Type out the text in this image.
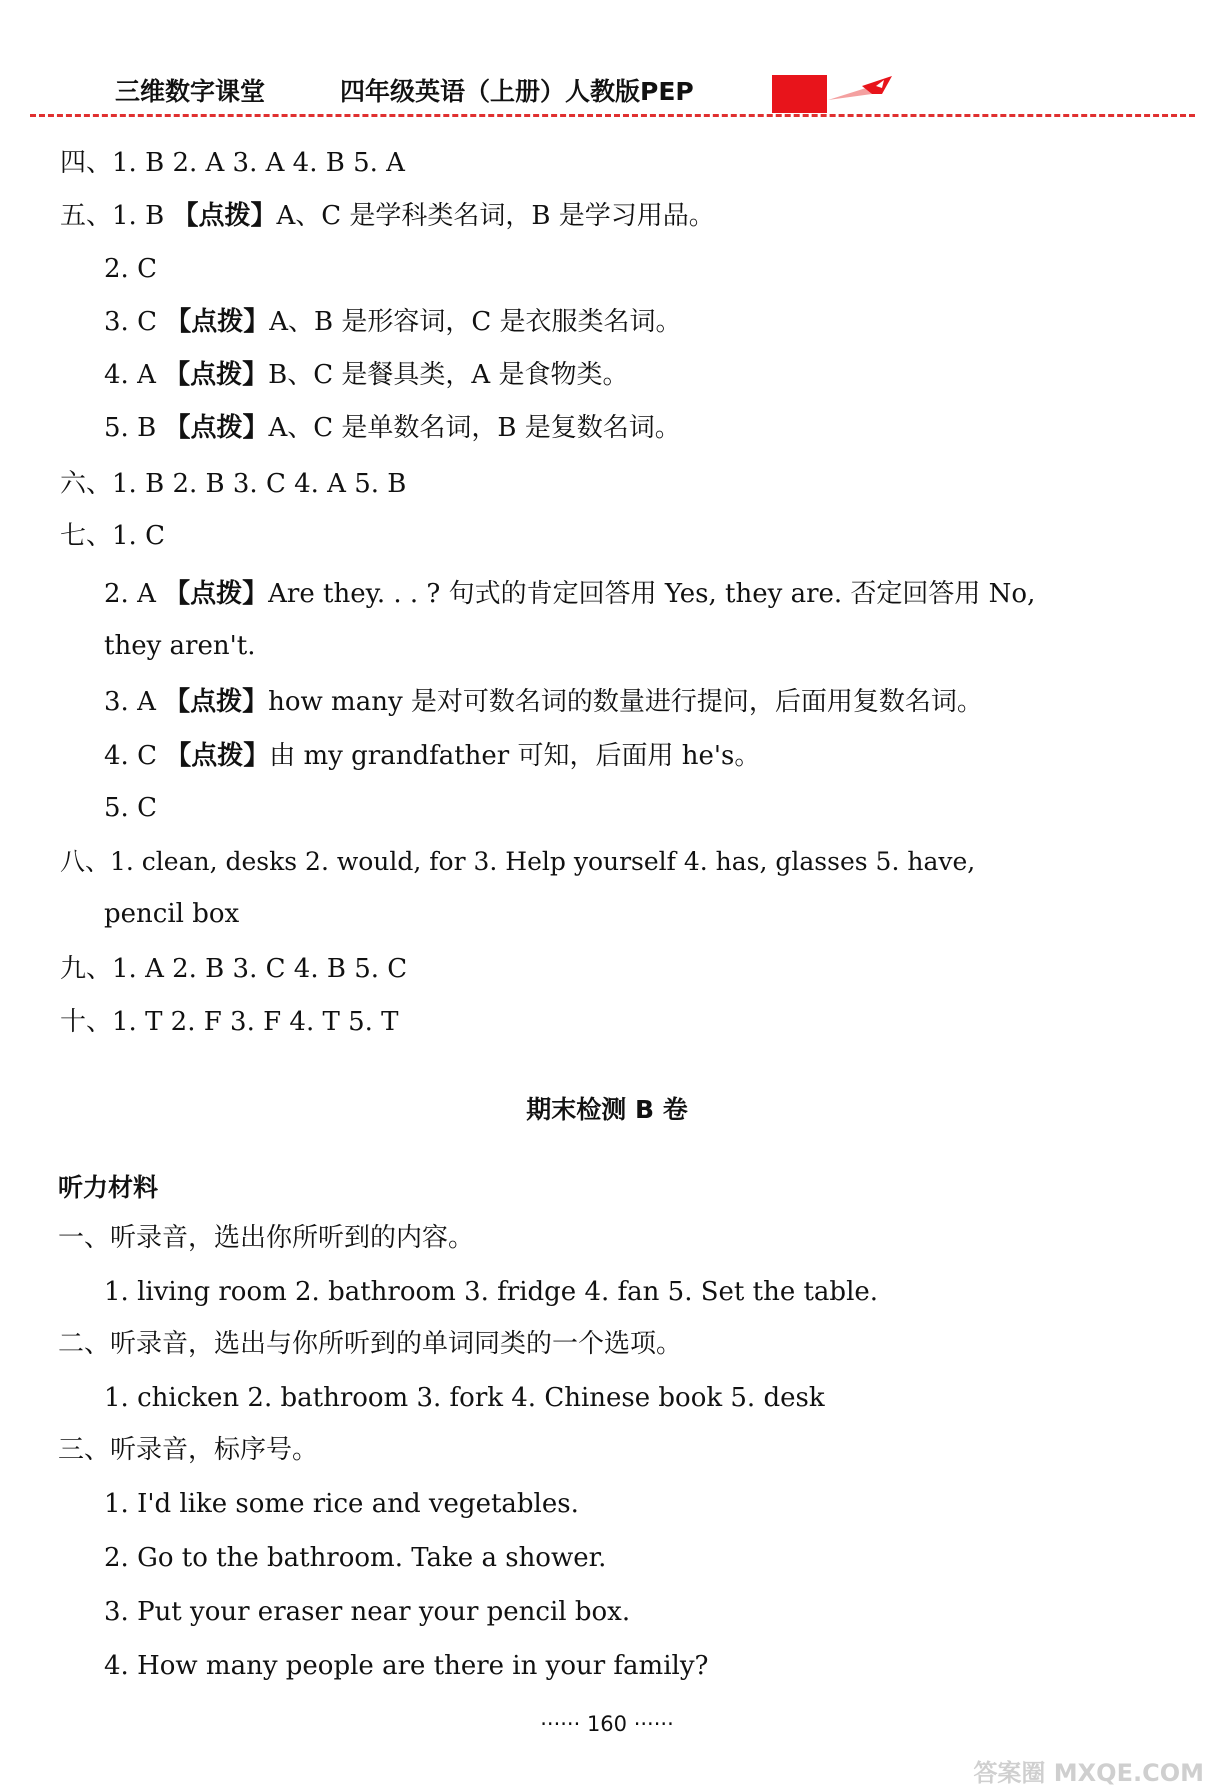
三维数字课堂	四年级英语（上册）人教版PEP
四、1. B 2. A 3. A 4. B 5. A
五、1. B 【点拨】A、C 是学科类名词，B 是学习用品。
2. C
3. C 【点拨】A、B 是形容词，C 是衣服类名词。
4. A 【点拨】B、C 是餐具类，A 是食物类。
5. B 【点拨】A、C 是单数名词，B 是复数名词。
六、1. B 2. B 3. C 4. A 5. B
七、1. C
2. A 【点拨】Are they. . . ? 句式的肯定回答用 Yes, they are. 否定回答用 No,
they aren't.
3. A 【点拨】how many 是对可数名词的数量进行提问，后面用复数名词。
4. C 【点拨】由 my grandfather 可知，后面用 he's。
5. C
八、1. clean, desks 2. would, for 3. Help yourself 4. has, glasses 5. have,
pencil box
九、1. A 2. B 3. C 4. B 5. C
十、1. T 2. F 3. F 4. T 5. T
期末检测 B 卷
听力材料
一、听录音，选出你所听到的内容。
1. living room 2. bathroom 3. fridge 4. fan 5. Set the table.
二、听录音，选出与你所听到的单词同类的一个选项。
1. chicken 2. bathroom 3. fork 4. Chinese book 5. desk
三、听录音，标序号。
1. I'd like some rice and vegetables.
2. Go to the bathroom. Take a shower.
3. Put your eraser near your pencil box.
4. How many people are there in your family?
······ 160 ······
答案圈 MXQE.COM
